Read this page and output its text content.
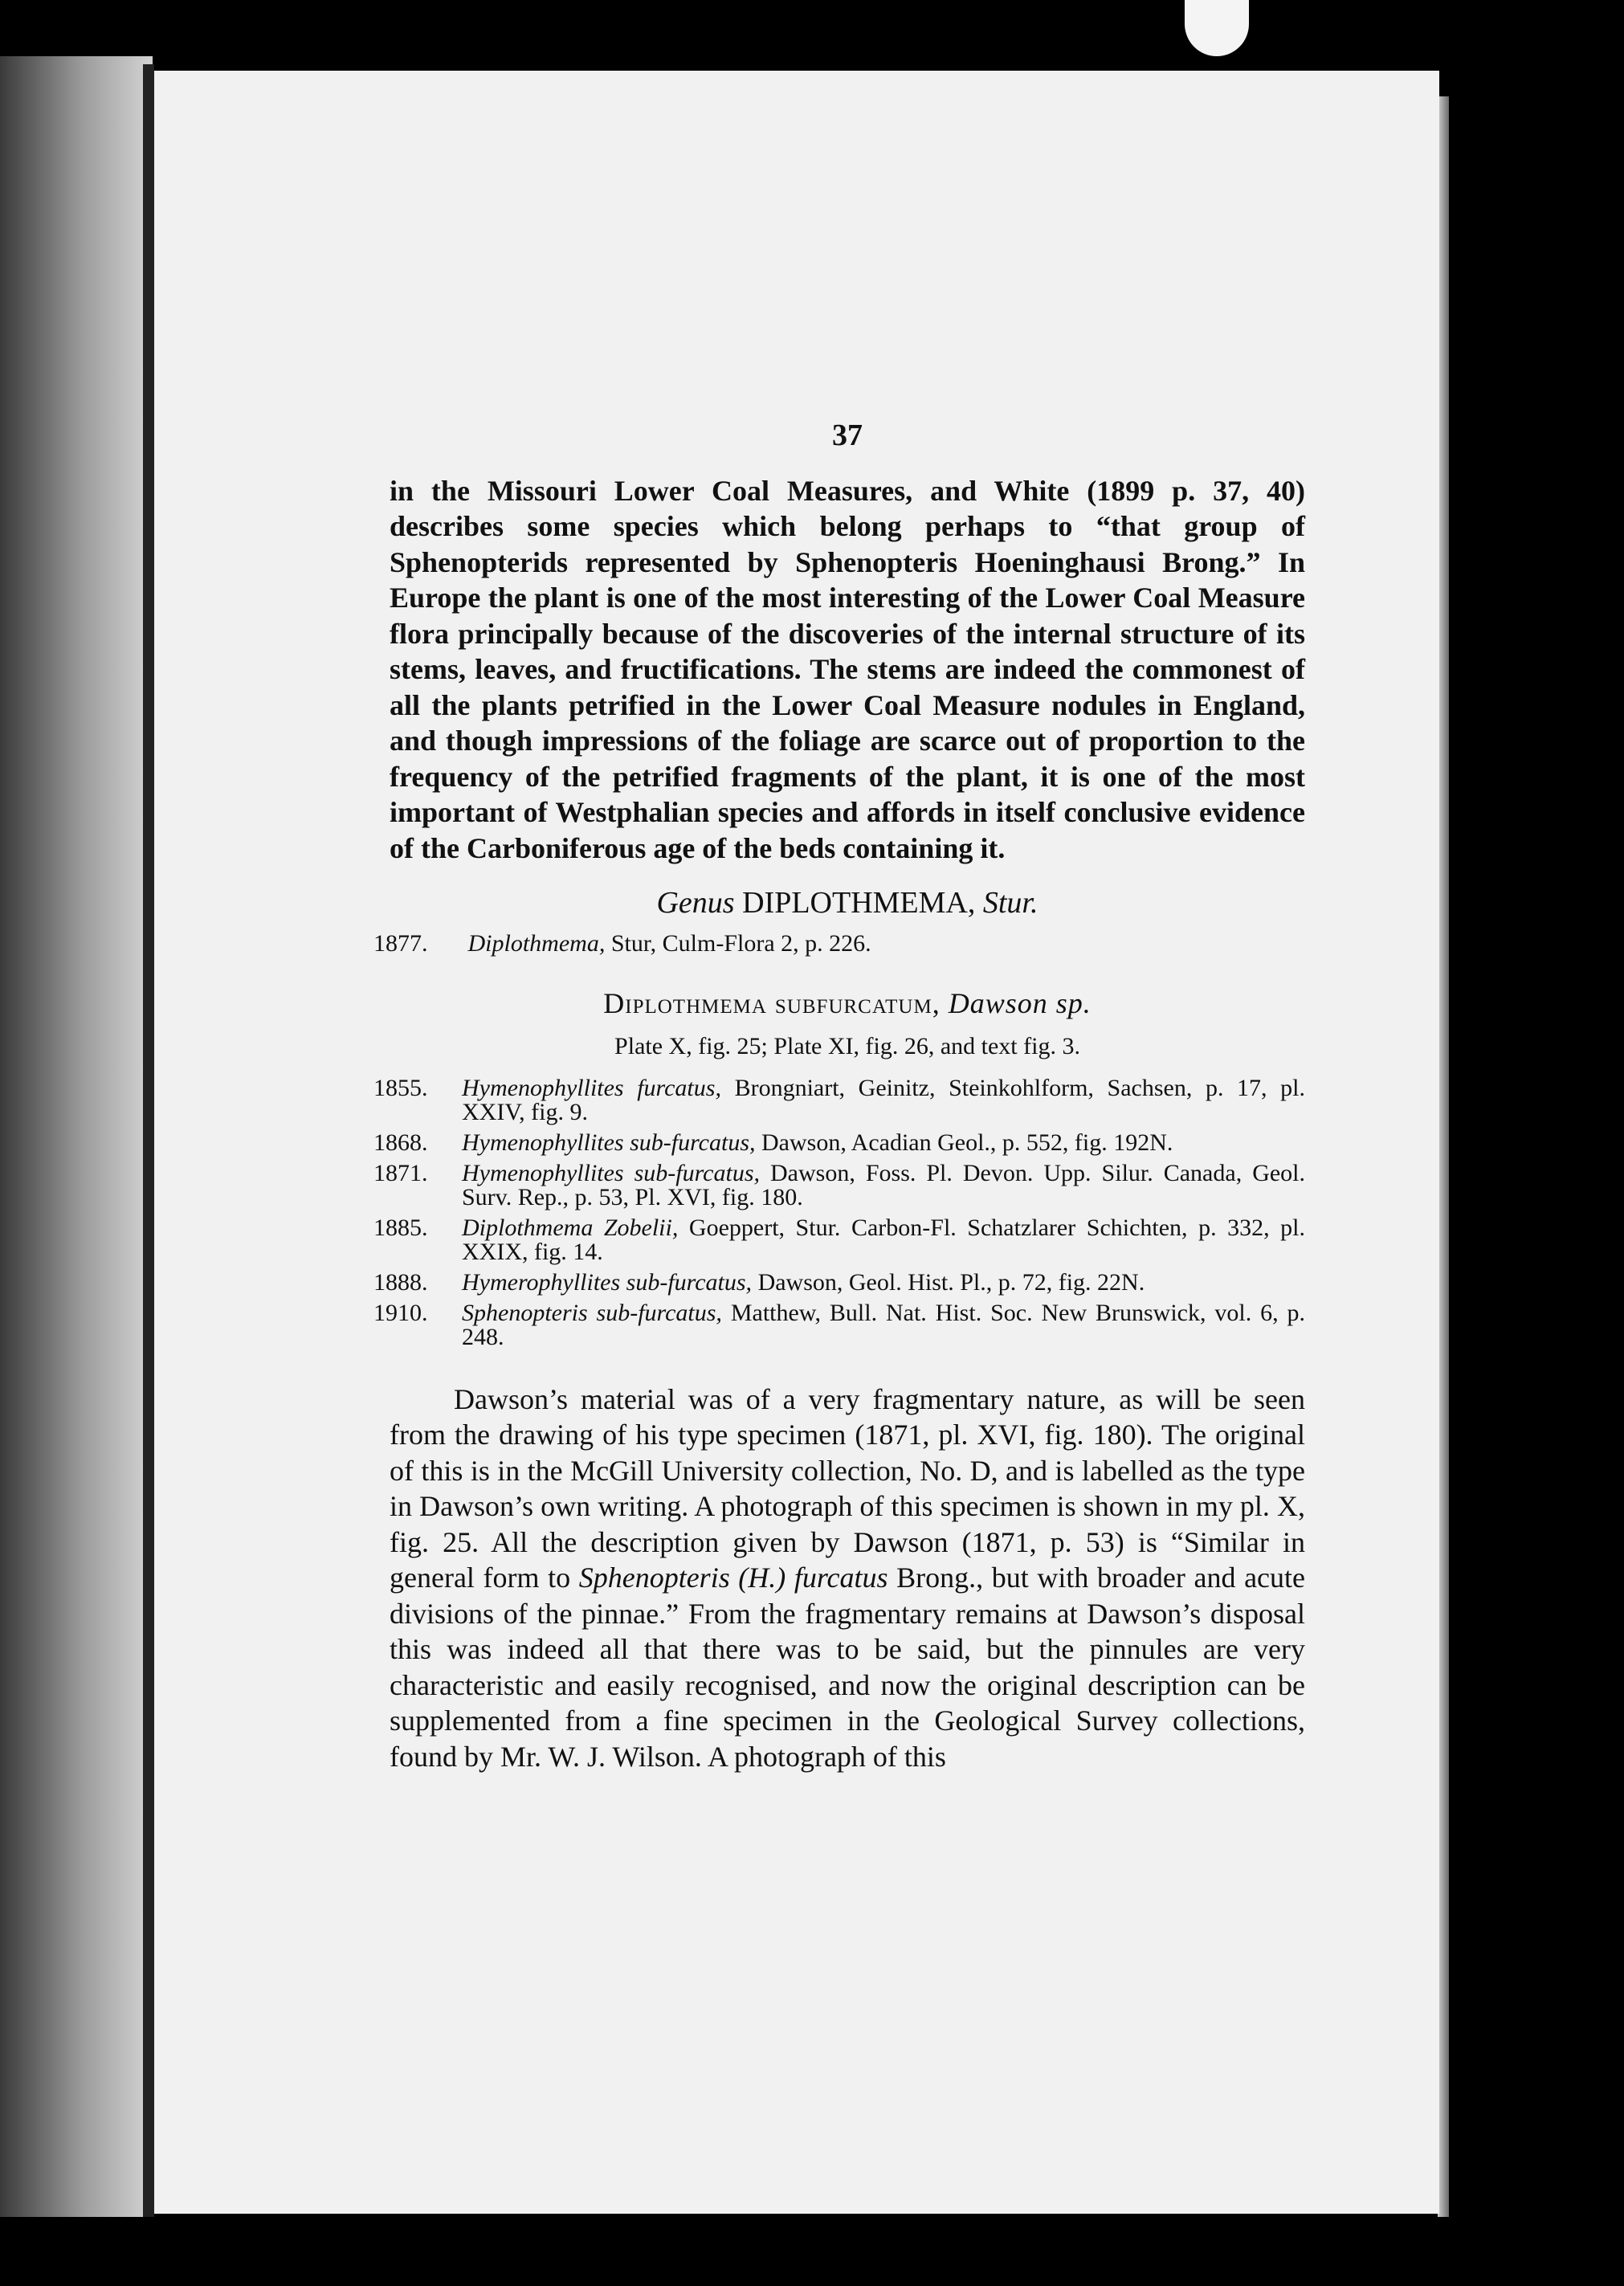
37

in the Missouri Lower Coal Measures, and White (1899 p. 37, 40) describes some species which belong perhaps to “that group of Sphenopterids represented by Sphenopteris Hoeninghausi Brong.” In Europe the plant is one of the most interesting of the Lower Coal Measure flora principally because of the discoveries of the internal structure of its stems, leaves, and fructifications. The stems are indeed the commonest of all the plants petrified in the Lower Coal Measure nodules in England, and though impressions of the foliage are scarce out of proportion to the frequency of the petrified fragments of the plant, it is one of the most important of Westphalian species and affords in itself conclusive evidence of the Carboniferous age of the beds containing it.

Genus DIPLOTHMEMA, Stur.
1877. Diplothmema, Stur, Culm-Flora 2, p. 226.
Diplothmema subfurcatum, Dawson sp.
Plate X, fig. 25; Plate XI, fig. 26, and text fig. 3.
1855.	Hymenophyllites furcatus, Brongniart, Geinitz, Steinkohlform, Sachsen, p. 17, pl. XXIV, fig. 9.
1868.	Hymenophyllites sub-furcatus, Dawson, Acadian Geol., p. 552, fig. 192N.
1871.	Hymenophyllites sub-furcatus, Dawson, Foss. Pl. Devon. Upp. Silur. Canada, Geol. Surv. Rep., p. 53, Pl. XVI, fig. 180.
1885.	Diplothmema Zobelii, Goeppert, Stur. Carbon-Fl. Schatzlarer Schichten, p. 332, pl. XXIX, fig. 14.
1888.	Hymerophyllites sub-furcatus, Dawson, Geol. Hist. Pl., p. 72, fig. 22N.
1910.	Sphenopteris sub-furcatus, Matthew, Bull. Nat. Hist. Soc. New Brunswick, vol. 6, p. 248.

Dawson’s material was of a very fragmentary nature, as will be seen from the drawing of his type specimen (1871, pl. XVI, fig. 180). The original of this is in the McGill University collection, No. D, and is labelled as the type in Dawson’s own writing. A photograph of this specimen is shown in my pl. X, fig. 25. All the description given by Dawson (1871, p. 53) is “Similar in general form to Sphenopteris (H.) furcatus Brong., but with broader and acute divisions of the pinnae.” From the fragmentary remains at Dawson’s disposal this was indeed all that there was to be said, but the pinnules are very characteristic and easily recognised, and now the original description can be supplemented from a fine specimen in the Geological Survey collections, found by Mr. W. J. Wilson. A photograph of this
